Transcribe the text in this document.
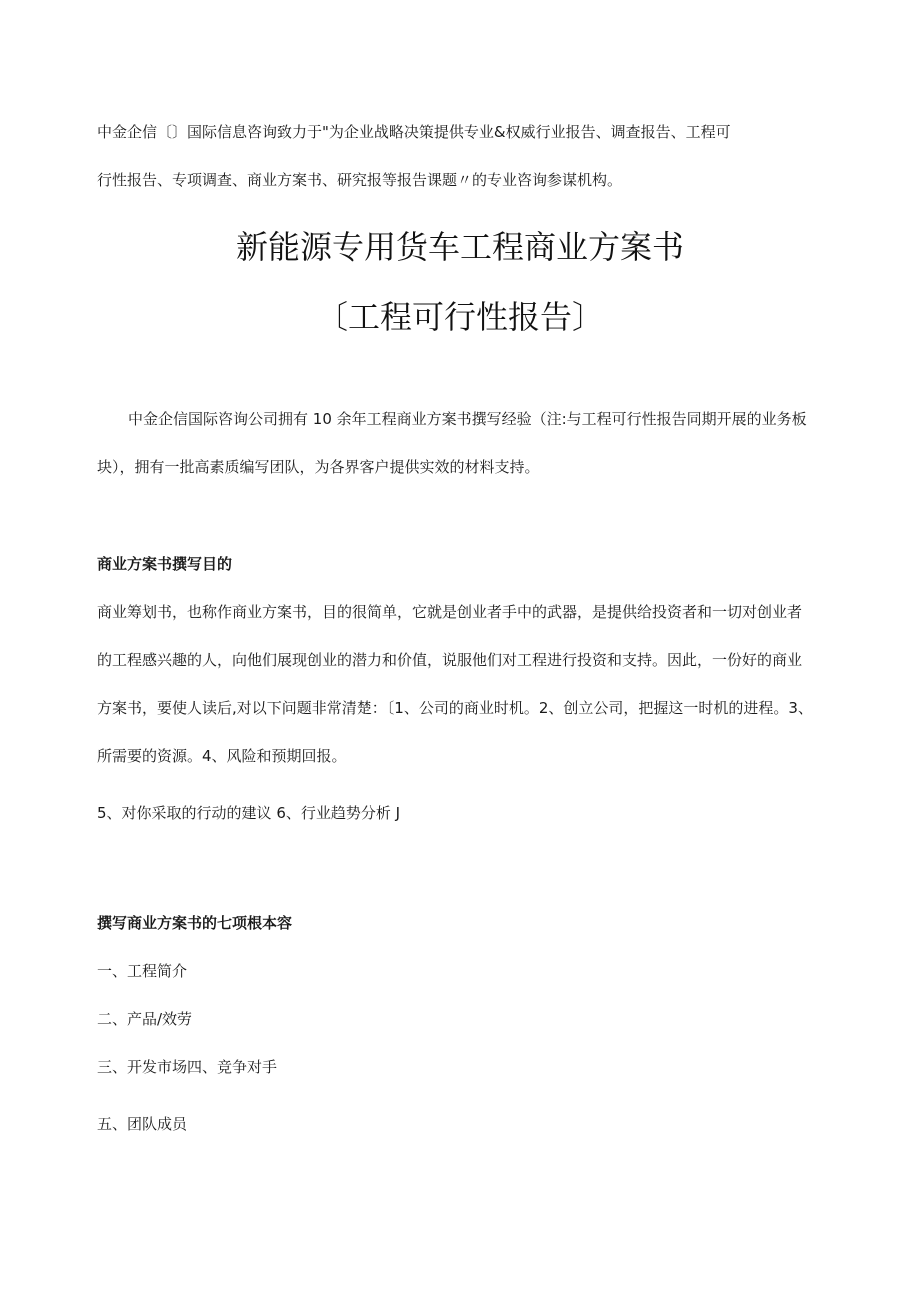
中金企信〔〕国际信息咨询致力于"为企业战略决策提供专业&权威行业报告、调查报告、工程可
行性报告、专项调查、商业方案书、研究报等报告课题〃的专业咨询参谋机构。
新能源专用货车工程商业方案书
〔工程可行性报告〕
中金企信国际咨询公司拥有 10 余年工程商业方案书撰写经验（注:与工程可行性报告同期开展的业务板
块），拥有一批高素质编写团队，为各界客户提供实效的材料支持。
商业方案书撰写目的
商业筹划书，也称作商业方案书，目的很简单，它就是创业者手中的武器，是提供给投资者和一切对创业者
的工程感兴趣的人，向他们展现创业的潜力和价值，说服他们对工程进行投资和支持。因此，一份好的商业
方案书，要使人读后,对以下问题非常清楚：〔1、公司的商业时机。2、创立公司，把握这一时机的进程。3、
所需要的资源。4、风险和预期回报。
5、对你采取的行动的建议 6、行业趋势分析 J
撰写商业方案书的七项根本容
一、工程简介
二、产品/效劳
三、开发市场四、竞争对手
五、团队成员
